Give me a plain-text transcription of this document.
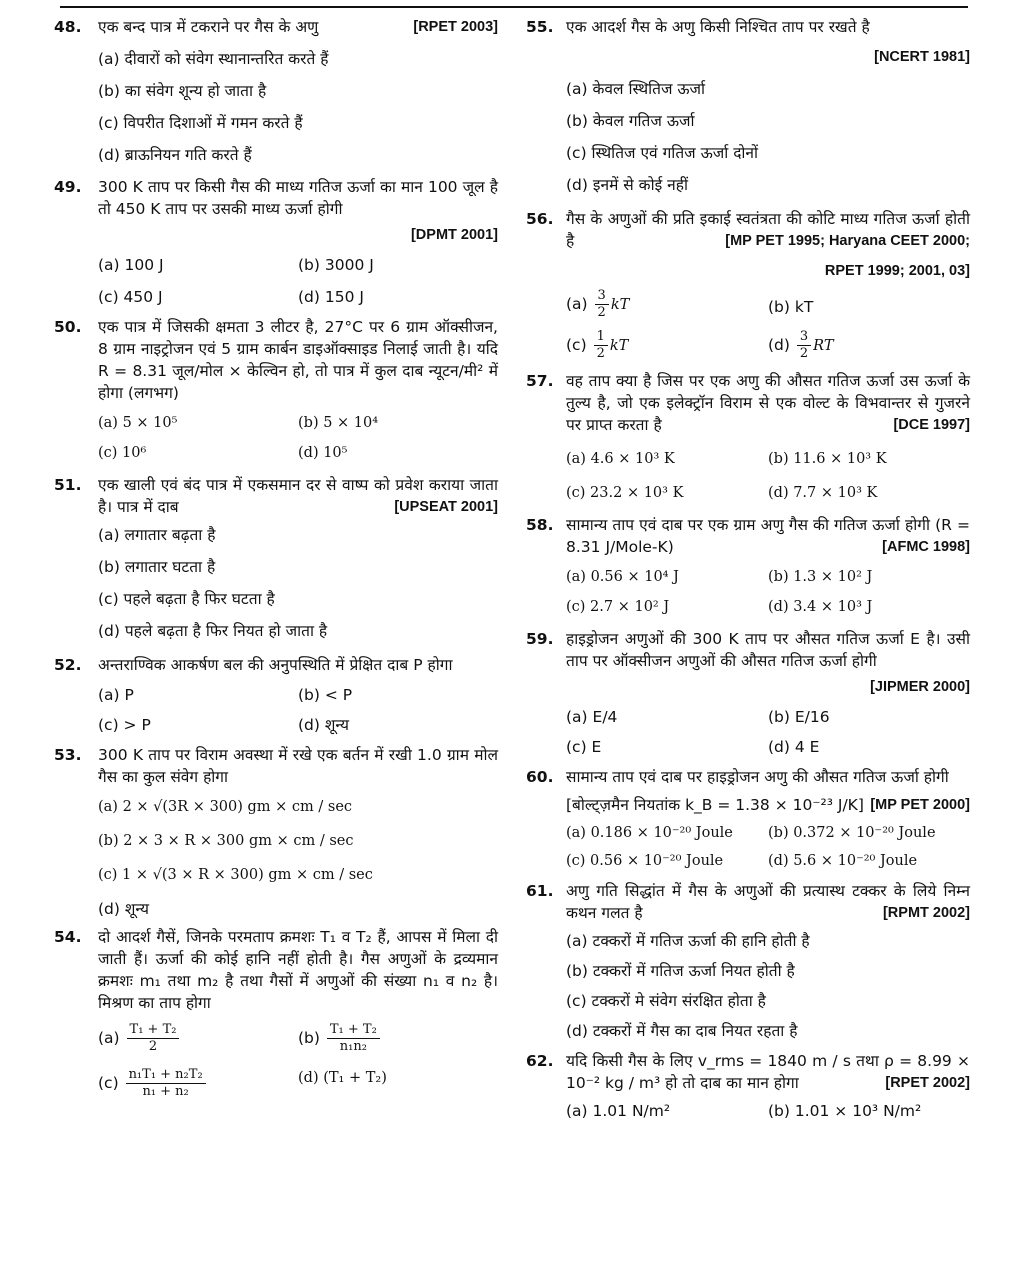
48. एक बन्द पात्र में टकराने पर गैस के अणु	[RPET 2003]
(a) दीवारों को संवेग स्थानान्तरित करते हैं
(b) का संवेग शून्य हो जाता है
(c) विपरीत दिशाओं में गमन करते हैं
(d) ब्राऊनियन गति करते हैं
49. 300 K ताप पर किसी गैस की माध्य गतिज ऊर्जा का मान 100 जूल है तो 450 K ताप पर उसकी माध्य ऊर्जा होगी
[DPMT 2001]
(a) 100 J	(b) 3000 J
(c) 450 J	(d) 150 J
50. एक पात्र में जिसकी क्षमता 3 लीटर है, 27°C पर 6 ग्राम ऑक्सीजन, 8 ग्राम नाइट्रोजन एवं 5 ग्राम कार्बन डाइऑक्साइड निलाई जाती है। यदि R = 8.31 जूल/मोल × केल्विन हो, तो पात्र में कुल दाब न्यूटन/मी² में होगा (लगभग)
(a) 5 × 10⁵	(b) 5 × 10⁴
(c) 10⁶	(d) 10⁵
51. एक खाली एवं बंद पात्र में एकसमान दर से वाष्प को प्रवेश कराया जाता है। पात्र में दाब	[UPSEAT 2001]
(a) लगातार बढ़ता है
(b) लगातार घटता है
(c) पहले बढ़ता है फिर घटता है
(d) पहले बढ़ता है फिर नियत हो जाता है
52. अन्तराण्विक आकर्षण बल की अनुपस्थिति में प्रेक्षित दाब P होगा
(a) P	(b) < P
(c) > P	(d) शून्य
53. 300 K ताप पर विराम अवस्था में रखे एक बर्तन में रखी 1.0 ग्राम मोल गैस का कुल संवेग होगा
(a) 2 × √(3R × 300) gm × cm / sec
(b) 2 × 3 × R × 300 gm × cm / sec
(c) 1 × √(3 × R × 300) gm × cm / sec
(d) शून्य
54. दो आदर्श गैसें, जिनके परमताप क्रमशः T₁ व T₂ हैं, आपस में मिला दी जाती हैं। ऊर्जा की कोई हानि नहीं होती है। गैस अणुओं के द्रव्यमान क्रमशः m₁ तथा m₂ है तथा गैसों में अणुओं की संख्या n₁ व n₂ है। मिश्रण का ताप होगा
$(a) \frac{\text{T₁ + T₂}}{2}$	$(b) \frac{\text{T₁ + T₂}}{\text{n₁n₂}}$
$(c) \frac{\text{n₁T₁ + n₂T₂}}{\text{n₁ + n₂}}$	(d) (T₁ + T₂)
55. एक आदर्श गैस के अणु किसी निश्चित ताप पर रखते है
[NCERT 1981]
(a) केवल स्थितिज ऊर्जा
(b) केवल गतिज ऊर्जा
(c) स्थितिज एवं गतिज ऊर्जा दोनों
(d) इनमें से कोई नहीं
56. गैस के अणुओं की प्रति इकाई स्वतंत्रता की कोटि माध्य गतिज ऊर्जा होती है	[MP PET 1995; Haryana CEET 2000;
RPET 1999; 2001, 03]
$(a) \frac{3}{2}$ kT	(b) kT
$(c) \frac{1}{2}$ kT	$(d) \frac{3}{2}$ RT
57. वह ताप क्या है जिस पर एक अणु की औसत गतिज ऊर्जा उस ऊर्जा के तुल्य है, जो एक इलेक्ट्रॉन विराम से एक वोल्ट के विभवान्तर से गुजरने पर प्राप्त करता है	[DCE 1997]
(a) 4.6 × 10³ K	(b) 11.6 × 10³ K
(c) 23.2 × 10³ K	(d) 7.7 × 10³ K
58. सामान्य ताप एवं दाब पर एक ग्राम अणु गैस की गतिज ऊर्जा होगी (R = 8.31 J/Mole-K)	[AFMC 1998]
(a) 0.56 × 10⁴ J	(b) 1.3 × 10² J
(c) 2.7 × 10² J	(d) 3.4 × 10³ J
59. हाइड्रोजन अणुओं की 300 K ताप पर औसत गतिज ऊर्जा E है। उसी ताप पर ऑक्सीजन अणुओं की औसत गतिज ऊर्जा होगी
[JIPMER 2000]
(a) E/4	(b) E/16
(c) E	(d) 4 E
60. सामान्य ताप एवं दाब पर हाइड्रोजन अणु की औसत गतिज ऊर्जा होगी
[बोल्ट्ज़मैन नियतांक k_B = 1.38 × 10⁻²³ J/K] [MP PET 2000]
(a) 0.186 × 10⁻²⁰ Joule	(b) 0.372 × 10⁻²⁰ Joule
(c) 0.56 × 10⁻²⁰ Joule	(d) 5.6 × 10⁻²⁰ Joule
61. अणु गति सिद्धांत में गैस के अणुओं की प्रत्यास्थ टक्कर के लिये निम्न कथन गलत है	[RPMT 2002]
(a) टक्करों में गतिज ऊर्जा की हानि होती है
(b) टक्करों में गतिज ऊर्जा नियत होती है
(c) टक्करों मे संवेग संरक्षित होता है
(d) टक्करों में गैस का दाब नियत रहता है
62. यदि किसी गैस के लिए v_rms = 1840 m / s तथा ρ = 8.99 × 10⁻² kg / m³ हो तो दाब का मान होगा	[RPET 2002]
(a) 1.01 N/m²	(b) 1.01 × 10³ N/m²
